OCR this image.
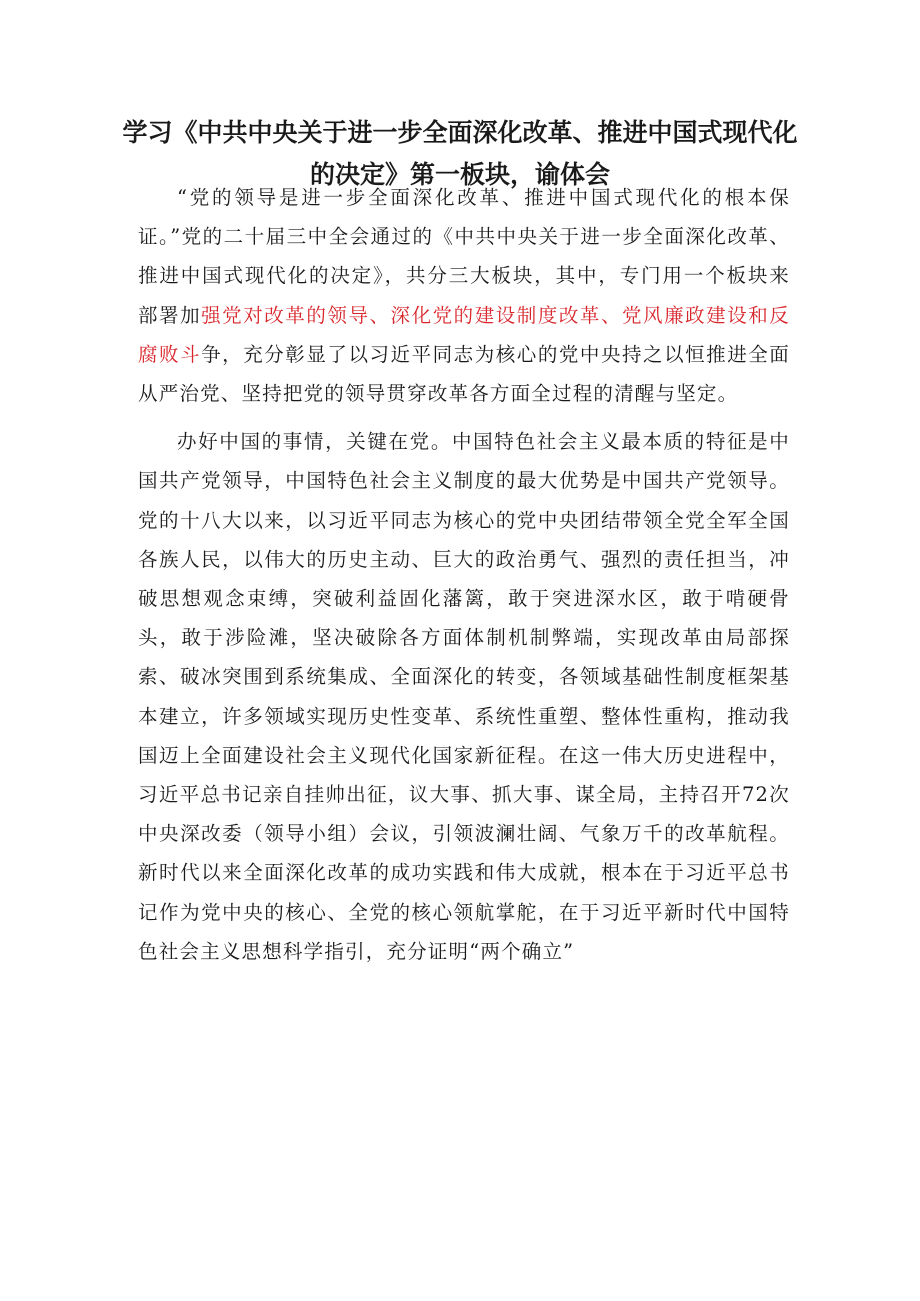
学习《中共中央关于进一步全面深化改革、推进中国式现代化
的决定》第一板块，谕体会

“党的领导是进一步全面深化改革、推进中国式现代化的根本保证。”党的二十届三中全会通过的《中共中央关于进一步全面深化改革、推进中国式现代化的决定》，共分三大板块，其中，专门用一个板块来部署加强党对改革的领导、深化党的建设制度改革、党风廉政建设和反腐败斗争，充分彰显了以习近平同志为核心的党中央持之以恒推进全面从严治党、坚持把党的领导贯穿改革各方面全过程的清醒与坚定。

办好中国的事情，关键在党。中国特色社会主义最本质的特征是中国共产党领导，中国特色社会主义制度的最大优势是中国共产党领导。党的十八大以来，以习近平同志为核心的党中央团结带领全党全军全国各族人民，以伟大的历史主动、巨大的政治勇气、强烈的责任担当，冲破思想观念束缚，突破利益固化藩篱，敢于突进深水区，敢于啃硬骨头，敢于涉险滩，坚决破除各方面体制机制弊端，实现改革由局部探索、破冰突围到系统集成、全面深化的转变，各领域基础性制度框架基本建立，许多领域实现历史性变革、系统性重塑、整体性重构，推动我国迈上全面建设社会主义现代化国家新征程。在这一伟大历史进程中，习近平总书记亲自挂帅出征，议大事、抓大事、谋全局，主持召开72次中央深改委（领导小组）会议，引领波澜壮阔、气象万千的改革航程。新时代以来全面深化改革的成功实践和伟大成就，根本在于习近平总书记作为党中央的核心、全党的核心领航掌舵，在于习近平新时代中国特色社会主义思想科学指引，充分证明“两个确立”
